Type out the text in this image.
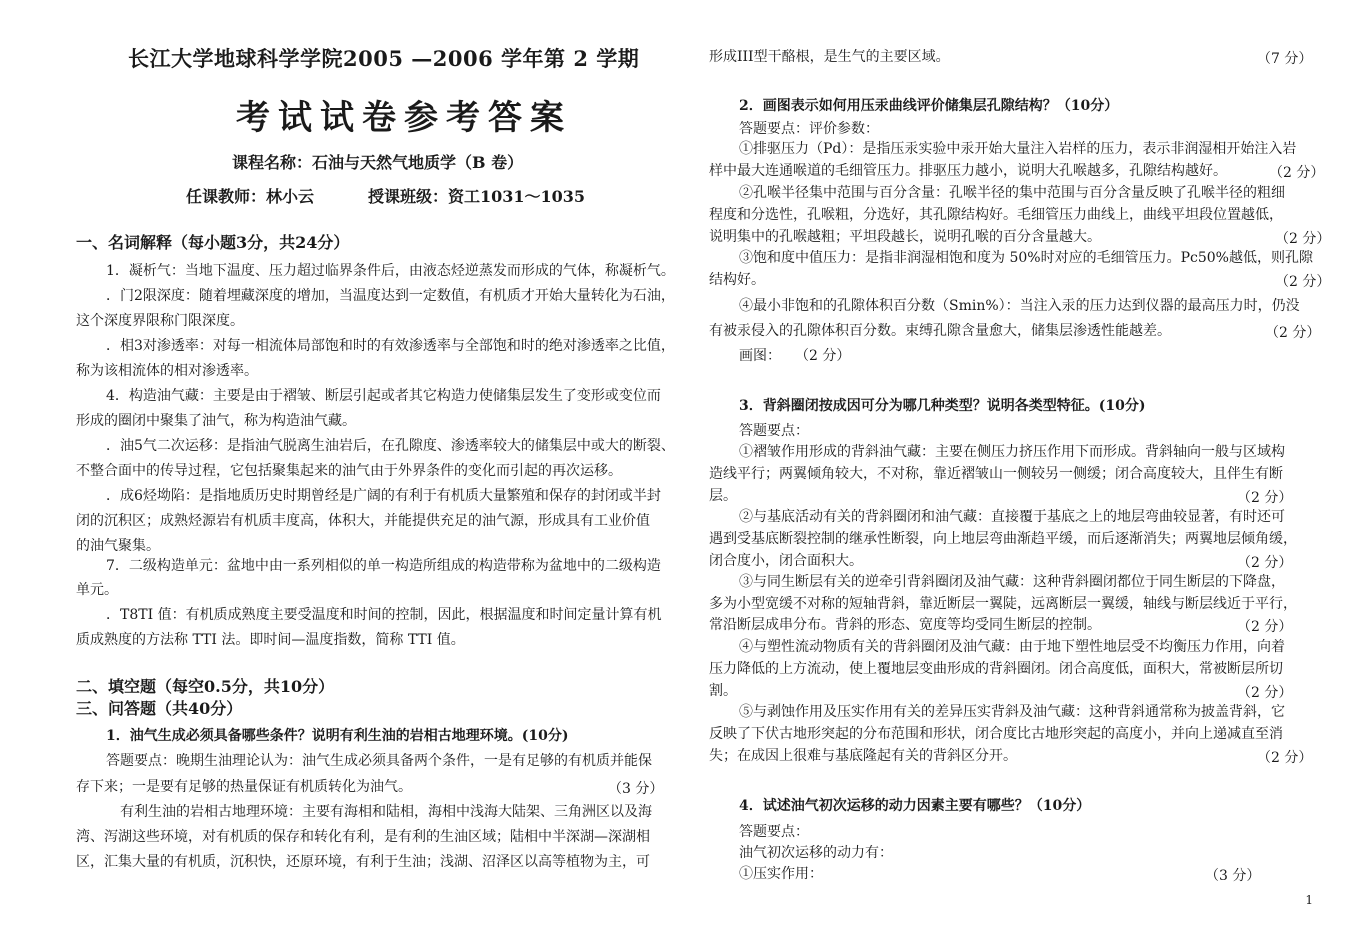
长江大学地球科学学院2005 —2006 学年第 2 学期
考试试卷参考答案
课程名称：石油与天然气地质学（B 卷）
任课教师：林小云	授课班级：资工1031～1035
一、名词解释（每小题3分，共24分）
1．凝析气：当地下温度、压力超过临界条件后，由液态烃逆蒸发而形成的气体，称凝析气。
．门2限深度：随着埋藏深度的增加，当温度达到一定数值，有机质才开始大量转化为石油，
这个深度界限称门限深度。
．相3对渗透率：对每一相流体局部饱和时的有效渗透率与全部饱和时的绝对渗透率之比值，
称为该相流体的相对渗透率。
4．构造油气藏：主要是由于褶皱、断层引起或者其它构造力使储集层发生了变形或变位而
形成的圈闭中聚集了油气，称为构造油气藏。
．油5气二次运移：是指油气脱离生油岩后，在孔隙度、渗透率较大的储集层中或大的断裂、
不整合面中的传导过程，它包括聚集起来的油气由于外界条件的变化而引起的再次运移。
．成6烃坳陷：是指地质历史时期曾经是广阔的有利于有机质大量繁殖和保存的封闭或半封
闭的沉积区；成熟烃源岩有机质丰度高，体积大，并能提供充足的油气源，形成具有工业价值
的油气聚集。
7．二级构造单元：盆地中由一系列相似的单一构造所组成的构造带称为盆地中的二级构造
单元。
．T8TI 值：有机质成熟度主要受温度和时间的控制，因此，根据温度和时间定量计算有机
质成熟度的方法称 TTI 法。即时间—温度指数，简称 TTI 值。
二、填空题（每空0.5分，共10分）
三、问答题（共40分）
1．油气生成必须具备哪些条件？说明有利生油的岩相古地理环境。(10分)
答题要点：晚期生油理论认为：油气生成必须具备两个条件，一是有足够的有机质并能保
存下来；一是要有足够的热量保证有机质转化为油气。	（3 分）
有利生油的岩相古地理环境：主要有海相和陆相，海相中浅海大陆架、三角洲区以及海
湾、泻湖这些环境，对有机质的保存和转化有利，是有利的生油区域；陆相中半深湖—深湖相
区，汇集大量的有机质，沉积快，还原环境，有利于生油；浅湖、沼泽区以高等植物为主，可
形成III型干酪根，是生气的主要区域。	（7 分）
2．画图表示如何用压汞曲线评价储集层孔隙结构？（10分）
答题要点：评价参数：
①排驱压力（Pd）：是指压汞实验中汞开始大量注入岩样的压力，表示非润湿相开始注入岩
样中最大连通喉道的毛细管压力。排驱压力越小，说明大孔喉越多，孔隙结构越好。	（2 分）
②孔喉半径集中范围与百分含量：孔喉半径的集中范围与百分含量反映了孔喉半径的粗细
程度和分选性，孔喉粗，分选好，其孔隙结构好。毛细管压力曲线上，曲线平坦段位置越低，
说明集中的孔喉越粗；平坦段越长，说明孔喉的百分含量越大。	（2 分）
③饱和度中值压力：是指非润湿相饱和度为 50%时对应的毛细管压力。Pc50%越低，则孔隙
结构好。	（2 分）
④最小非饱和的孔隙体积百分数（Smin%）：当注入汞的压力达到仪器的最高压力时，仍没
有被汞侵入的孔隙体积百分数。束缚孔隙含量愈大，储集层渗透性能越差。	（2 分）
画图：　　（2 分）
3．背斜圈闭按成因可分为哪几种类型？说明各类型特征。(10分)
答题要点：
①褶皱作用形成的背斜油气藏：主要在侧压力挤压作用下而形成。背斜轴向一般与区域构
造线平行；两翼倾角较大，不对称，靠近褶皱山一侧较另一侧缓；闭合高度较大，且伴生有断
层。	（2 分）
②与基底活动有关的背斜圈闭和油气藏：直接覆于基底之上的地层弯曲较显著，有时还可
遇到受基底断裂控制的继承性断裂，向上地层弯曲渐趋平缓，而后逐渐消失；两翼地层倾角缓，
闭合度小，闭合面积大。	（2 分）
③与同生断层有关的逆牵引背斜圈闭及油气藏：这种背斜圈闭都位于同生断层的下降盘，
多为小型宽缓不对称的短轴背斜，靠近断层一翼陡，远离断层一翼缓，轴线与断层线近于平行，
常沿断层成串分布。背斜的形态、宽度等均受同生断层的控制。	（2 分）
④与塑性流动物质有关的背斜圈闭及油气藏：由于地下塑性地层受不均衡压力作用，向着
压力降低的上方流动，使上覆地层变曲形成的背斜圈闭。闭合高度低，面积大，常被断层所切
割。	（2 分）
⑤与剥蚀作用及压实作用有关的差异压实背斜及油气藏：这种背斜通常称为披盖背斜，它
反映了下伏古地形突起的分布范围和形状，闭合度比古地形突起的高度小，并向上递减直至消
失；在成因上很难与基底隆起有关的背斜区分开。	（2 分）
4．试述油气初次运移的动力因素主要有哪些？（10分）
答题要点：
油气初次运移的动力有：
①压实作用：	（3 分）
1
